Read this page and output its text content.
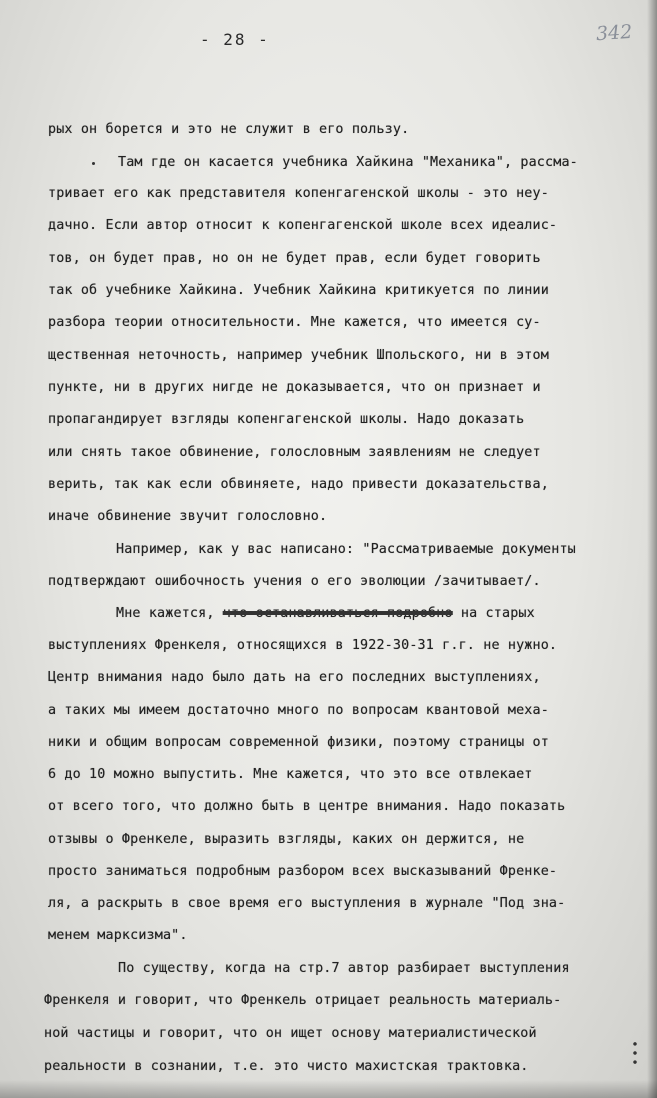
- 28 -	342

рых он борется и это не служит в его пользу.

Там где он касается учебника Хайкина "Механика", рассма-

тривает его как представителя копенгагенской школы - это неу-

дачно. Если автор относит к копенгагенской школе всех идеалис-

тов, он будет прав, но он не будет прав, если будет говорить

так об учебнике Хайкина. Учебник Хайкина критикуется по линии

разбора теории относительности. Мне кажется, что имеется су-

щественная неточность, например учебник Шпольского, ни в этом

пункте, ни в других нигде не доказывается, что он признает и

пропагандирует взгляды копенгагенской школы. Надо доказать

или снять такое обвинение, голословным заявлениям не следует

верить, так как если обвиняете, надо привести доказательства,

иначе обвинение звучит голословно.

Например, как у вас написано: "Рассматриваемые документы

подтверждают ошибочность учения о его эволюции /зачитывает/.

Мне кажется, что останавливаться подробно на старых

выступлениях Френкеля, относящихся в 1922-30-31 г.г. не нужно.

Центр внимания надо было дать на его последних выступлениях,

а таких мы имеем достаточно много по вопросам квантовой меха-

ники и общим вопросам современной физики, поэтому страницы от

6 до 10 можно выпустить. Мне кажется, что это все отвлекает

от всего того, что должно быть в центре внимания. Надо показать

отзывы о Френкеле, выразить взгляды, каких он держится, не

просто заниматься подробным разбором всех высказываний Френке-

ля, а раскрыть в свое время его выступления в журнале "Под зна-

менем марксизма".

По существу, когда на стр.7 автор разбирает выступления

Френкеля и говорит, что Френкель отрицает реальность материаль-

ной частицы и говорит, что он ищет основу материалистической

реальности в сознании, т.е. это чисто махистская трактовка.
